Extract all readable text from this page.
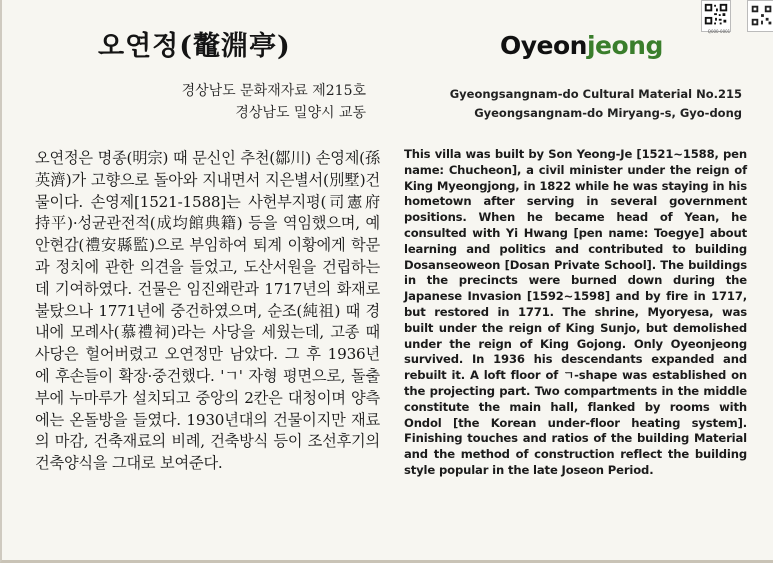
Q000-0001
오연정(鼇淵亭)	Oyeonjeong
경상남도 문화재자료 제215호
경상남도 밀양시 교동
Gyeongsangnam-do Cultural Material No.215
Gyeongsangnam-do Miryang-s, Gyo-dong
오연정은 명종(明宗) 때 문신인 추천(鄒川) 손영제(孫英濟)가 고향으로 돌아와 지내면서 지은별서(別墅)건물이다. 손영제[1521-1588]는 사헌부지평(司憲府持平)·성균관전적(成均館典籍) 등을 역임했으며, 예안현감(禮安縣監)으로 부임하여 퇴계 이황에게 학문과 정치에 관한 의견을 들었고, 도산서원을 건립하는 데 기여하였다. 건물은 임진왜란과 1717년의 화재로 불탔으나 1771년에 중건하였으며, 순조(純祖) 때 경내에 모례사(慕禮祠)라는 사당을 세웠는데, 고종 때 사당은 헐어버렸고 오연정만 남았다. 그 후 1936년에 후손들이 확장·중건했다. 'ㄱ' 자형 평면으로, 돌출부에 누마루가 설치되고 중앙의 2칸은 대청이며 양측에는 온돌방을 들였다. 1930년대의 건물이지만 재료의 마감, 건축재료의 비례, 건축방식 등이 조선후기의 건축양식을 그대로 보여준다.
This villa was built by Son Yeong-Je [1521~1588, pen name: Chucheon], a civil minister under the reign of King Myeongjong, in 1822 while he was staying in his hometown after serving in several government positions. When he became head of Yean, he consulted with Yi Hwang [pen name: Toegye] about learning and politics and contributed to building Dosanseoweon [Dosan Private School]. The buildings in the precincts were burned down during the Japanese Invasion [1592~1598] and by fire in 1717, but restored in 1771. The shrine, Myoryesa, was built under the reign of King Sunjo, but demolished under the reign of King Gojong. Only Oyeonjeong survived. In 1936 his descendants expanded and rebuilt it. A loft floor of ㄱ-shape was established on the projecting part. Two compartments in the middle constitute the main hall, flanked by rooms with Ondol [the Korean under-floor heating system]. Finishing touches and ratios of the building Material and the method of construction reflect the building style popular in the late Joseon Period.
